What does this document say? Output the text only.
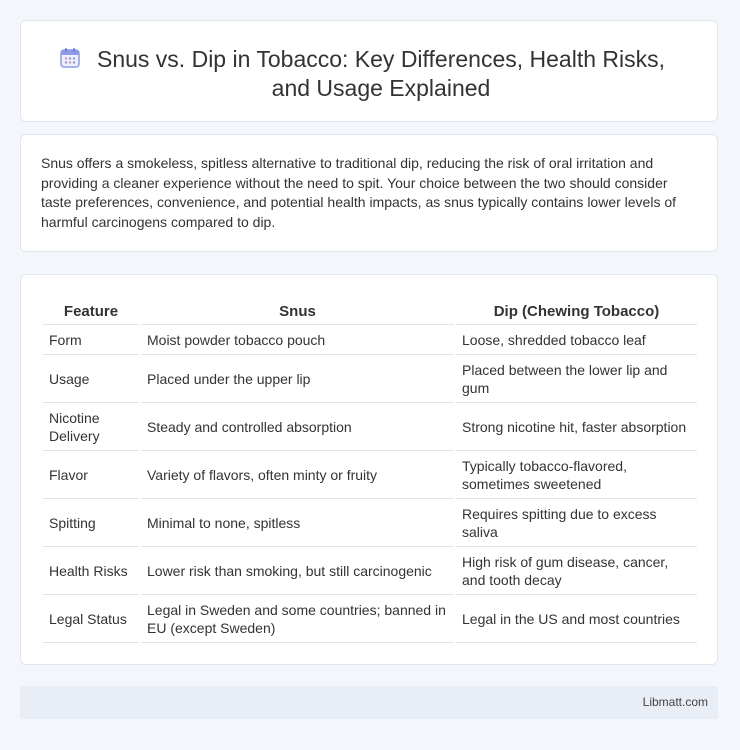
Snus vs. Dip in Tobacco: Key Differences, Health Risks, and Usage Explained

Snus offers a smokeless, spitless alternative to traditional dip, reducing the risk of oral irritation and providing a cleaner experience without the need to spit. Your choice between the two should consider taste preferences, convenience, and potential health impacts, as snus typically contains lower levels of harmful carcinogens compared to dip.

Feature	Snus	Dip (Chewing Tobacco)
Form	Moist powder tobacco pouch	Loose, shredded tobacco leaf
Usage	Placed under the upper lip	Placed between the lower lip and gum
Nicotine Delivery	Steady and controlled absorption	Strong nicotine hit, faster absorption
Flavor	Variety of flavors, often minty or fruity	Typically tobacco-flavored, sometimes sweetened
Spitting	Minimal to none, spitless	Requires spitting due to excess saliva
Health Risks	Lower risk than smoking, but still carcinogenic	High risk of gum disease, cancer, and tooth decay
Legal Status	Legal in Sweden and some countries; banned in EU (except Sweden)	Legal in the US and most countries
Libmatt.com
